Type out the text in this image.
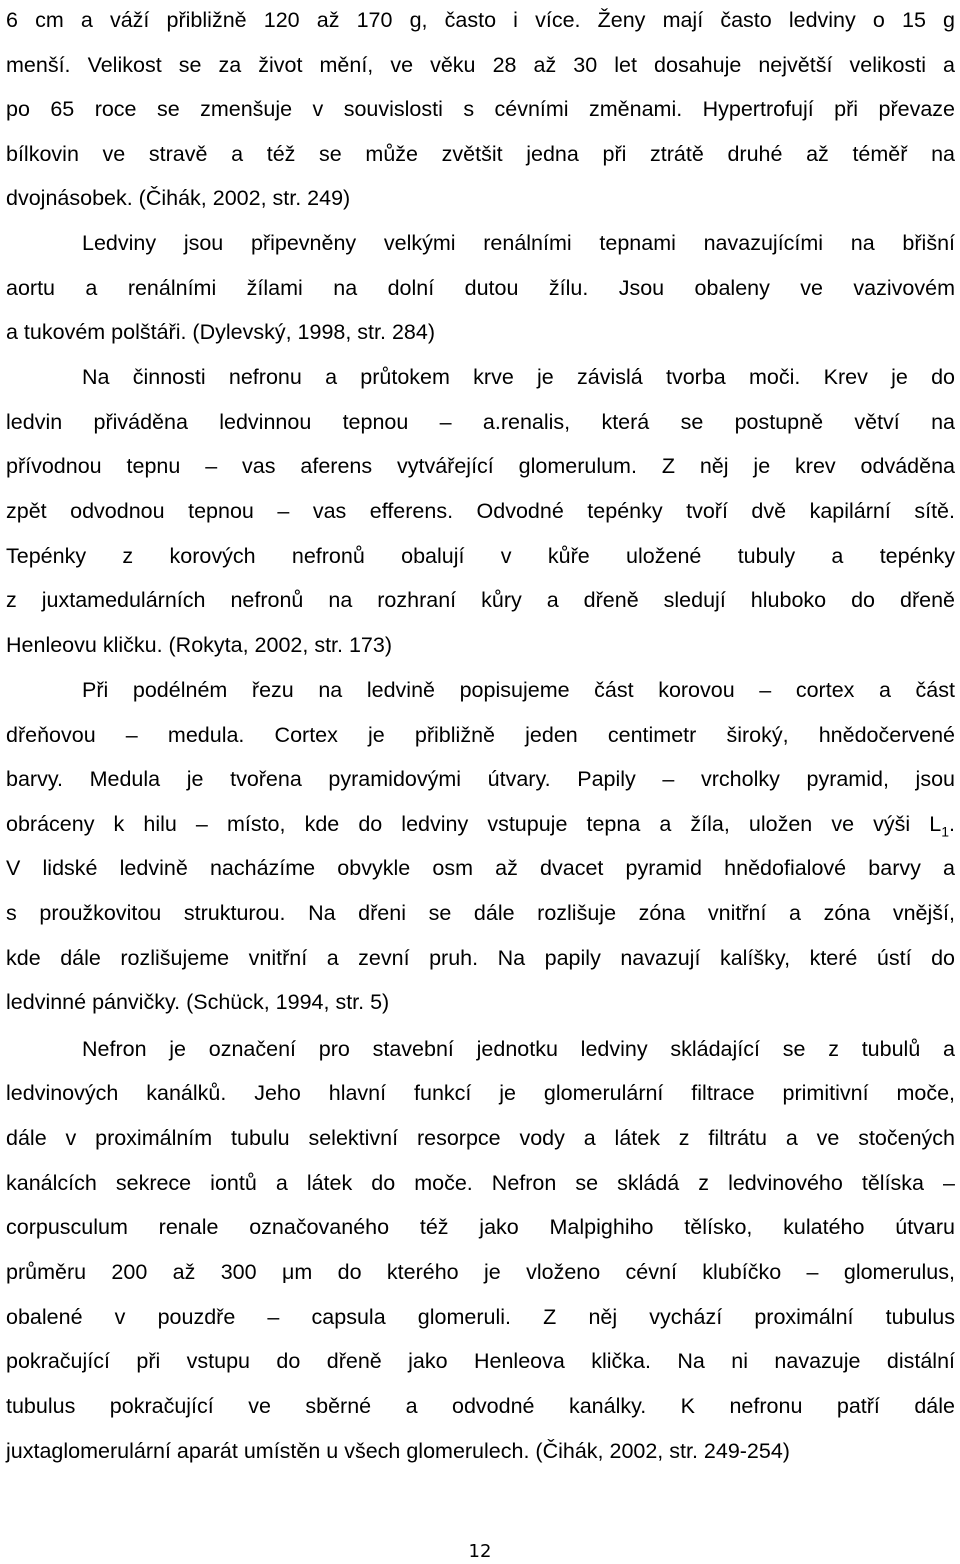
6 cm a váží přibližně 120 až 170 g, často i více. Ženy mají často ledviny o 15 g
menší. Velikost se za život mění, ve věku 28 až 30 let dosahuje největší velikosti a
po 65 roce se zmenšuje v souvislosti s cévními změnami. Hypertrofují při převaze
bílkovin ve stravě a též se může zvětšit jedna při ztrátě druhé až téměř na
dvojnásobek. (Čihák, 2002, str. 249)
Ledviny jsou připevněny velkými renálními tepnami navazujícími na břišní
aortu a renálními žílami na dolní dutou žílu. Jsou obaleny ve vazivovém
a tukovém polštáři. (Dylevský, 1998, str. 284)
Na činnosti nefronu a průtokem krve je závislá tvorba moči. Krev je do
ledvin přiváděna ledvinnou tepnou – a.renalis, která se postupně větví na
přívodnou tepnu – vas aferens vytvářející glomerulum. Z něj je krev odváděna
zpět odvodnou tepnou – vas efferens. Odvodné tepénky tvoří dvě kapilární sítě.
Tepénky z korových nefronů obalují v kůře uložené tubuly a tepénky
z juxtamedulárních nefronů na rozhraní kůry a dřeně sledují hluboko do dřeně
Henleovu kličku. (Rokyta, 2002, str. 173)
Při podélném řezu na ledvině popisujeme část korovou – cortex a část
dřeňovou – medula. Cortex je přibližně jeden centimetr široký, hnědočervené
barvy. Medula je tvořena pyramidovými útvary. Papily – vrcholky pyramid, jsou
obráceny k hilu – místo, kde do ledviny vstupuje tepna a žíla, uložen ve výši $L_1$.
V lidské ledvině nacházíme obvykle osm až dvacet pyramid hnědofialové barvy a
s proužkovitou strukturou. Na dřeni se dále rozlišuje zóna vnitřní a zóna vnější,
kde dále rozlišujeme vnitřní a zevní pruh. Na papily navazují kalíšky, které ústí do
ledvinné pánvičky. (Schück, 1994, str. 5)
Nefron je označení pro stavební jednotku ledviny skládající se z tubulů a
ledvinových kanálků. Jeho hlavní funkcí je glomerulární filtrace primitivní moče,
dále v proximálním tubulu selektivní resorpce vody a látek z filtrátu a ve stočených
kanálcích sekrece iontů a látek do moče. Nefron se skládá z ledvinového tělíska –
corpusculum renale označovaného též jako Malpighiho tělísko, kulatého útvaru
průměru 200 až 300 μm do kterého je vloženo cévní klubíčko – glomerulus,
obalené v pouzdře – capsula glomeruli. Z něj vychází proximální tubulus
pokračující při vstupu do dřeně jako Henleova klička. Na ni navazuje distální
tubulus pokračující ve sběrné a odvodné kanálky. K nefronu patří dále
juxtaglomerulární aparát umístěn u všech glomerulech. (Čihák, 2002, str. 249-254)
12
